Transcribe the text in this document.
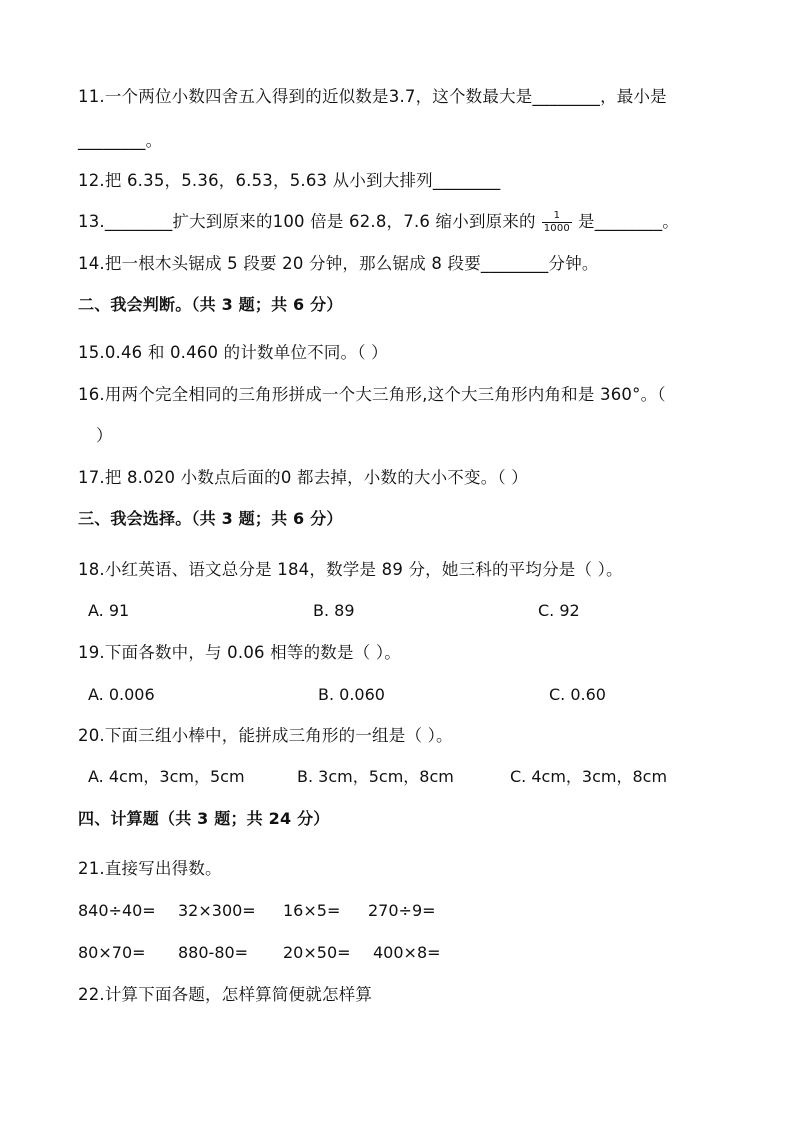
11.一个两位小数四舍五入得到的近似数是3.7，这个数最大是________，最小是
________。
12.把 6.35，5.36，6.53，5.63 从小到大排列________
13.________扩大到原来的100 倍是 62.8，7.6 缩小到原来的 $\frac{1}{1000}$ 是________。
14.把一根木头锯成 5 段要 20 分钟，那么锯成 8 段要________分钟。
二、我会判断。（共 3 题；共 6 分）
15.0.46 和 0.460 的计数单位不同。（ ）
16.用两个完全相同的三角形拼成一个大三角形,这个大三角形内角和是 360°。（
）
17.把 8.020 小数点后面的0 都去掉，小数的大小不变。（ ）
三、我会选择。（共 3 题；共 6 分）
18.小红英语、语文总分是 184，数学是 89 分，她三科的平均分是（ ）。
A. 91	B. 89	C. 92
19.下面各数中，与 0.06 相等的数是（ ）。
A. 0.006	B. 0.060	C. 0.60
20.下面三组小棒中，能拼成三角形的一组是（ ）。
A. 4cm，3cm，5cm	B. 3cm，5cm，8cm	C. 4cm，3cm，8cm
四、计算题（共 3 题；共 24 分）
21.直接写出得数。
840÷40= 32×300= 16×5= 270÷9=
80×70= 880-80= 20×50= 400×8=
22.计算下面各题，怎样算简便就怎样算
